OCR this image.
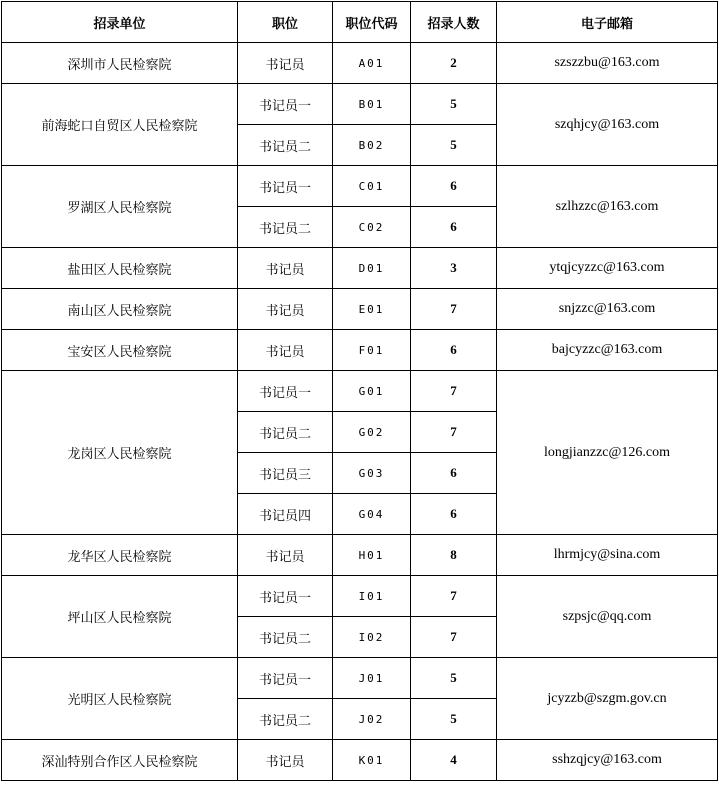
招录单位	职位	职位代码	招录人数	电子邮箱
深圳市人民检察院	书记员	A01	2	szszzbu@163.com
前海蛇口自贸区人民检察院	书记员一	B01	5	szqhjcy@163.com
	书记员二	B02	5	
罗湖区人民检察院	书记员一	C01	6	szlhzzc@163.com
	书记员二	C02	6	
盐田区人民检察院	书记员	D01	3	ytqjcyzzc@163.com
南山区人民检察院	书记员	E01	7	snjzzc@163.com
宝安区人民检察院	书记员	F01	6	bajcyzzc@163.com
龙岗区人民检察院	书记员一	G01	7	longjianzzc@126.com
	书记员二	G02	7	
	书记员三	G03	6	
	书记员四	G04	6	
龙华区人民检察院	书记员	H01	8	lhrmjcy@sina.com
坪山区人民检察院	书记员一	I01	7	szpsjc@qq.com
	书记员二	I02	7	
光明区人民检察院	书记员一	J01	5	jcyzzb@szgm.gov.cn
	书记员二	J02	5	
深汕特别合作区人民检察院	书记员	K01	4	sshzqjcy@163.com
